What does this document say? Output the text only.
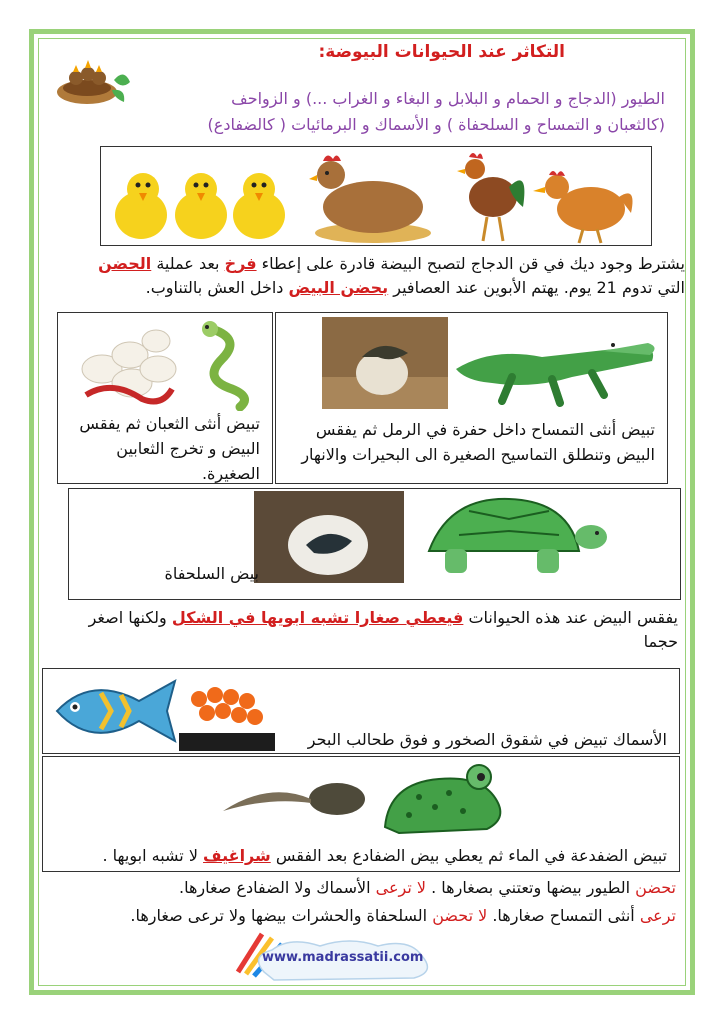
التكاثر عند الحيوانات البيوضة:
الطيور (الدجاج و الحمام و البلابل و البغاء و الغراب ...) و الزواحف
(كالثعبان و التمساح و السلحفاة ) و الأسماك و البرمائيات ( كالضفادع)
يشترط وجود ديك في قن الدجاج لتصبح البيضة قادرة على إعطاء فرخ بعد عملية الحضن
التي تدوم 21 يوم. يهتم الأبوين عند العصافير بحضن البيض داخل العش بالتناوب.
تبيض أنثى الثعبان ثم يفقس البيض و تخرج الثعابين الصغيرة.
تبيض أنثى التمساح داخل حفرة في الرمل ثم يفقس البيض وتنطلق التماسيح الصغيرة الى البحيرات والانهار
بيض السلحفاة
يفقس البيض عند هذه الحيوانات فيعطي صغارا تشبه ابويها في الشكل ولكنها اصغر حجما
الأسماك تبيض في شقوق الصخور و فوق طحالب البحر
تبيض الضفدعة في الماء ثم يعطي بيض الضفادع بعد الفقس شراغيف لا تشبه ابويها .
تحضن الطيور بيضها وتعتني بصغارها . لا ترعى الأسماك ولا الضفادع صغارها.
ترعى أنثى التمساح صغارها. لا تحضن السلحفاة والحشرات بيضها ولا ترعى صغارها.
www.madrassatii.com
